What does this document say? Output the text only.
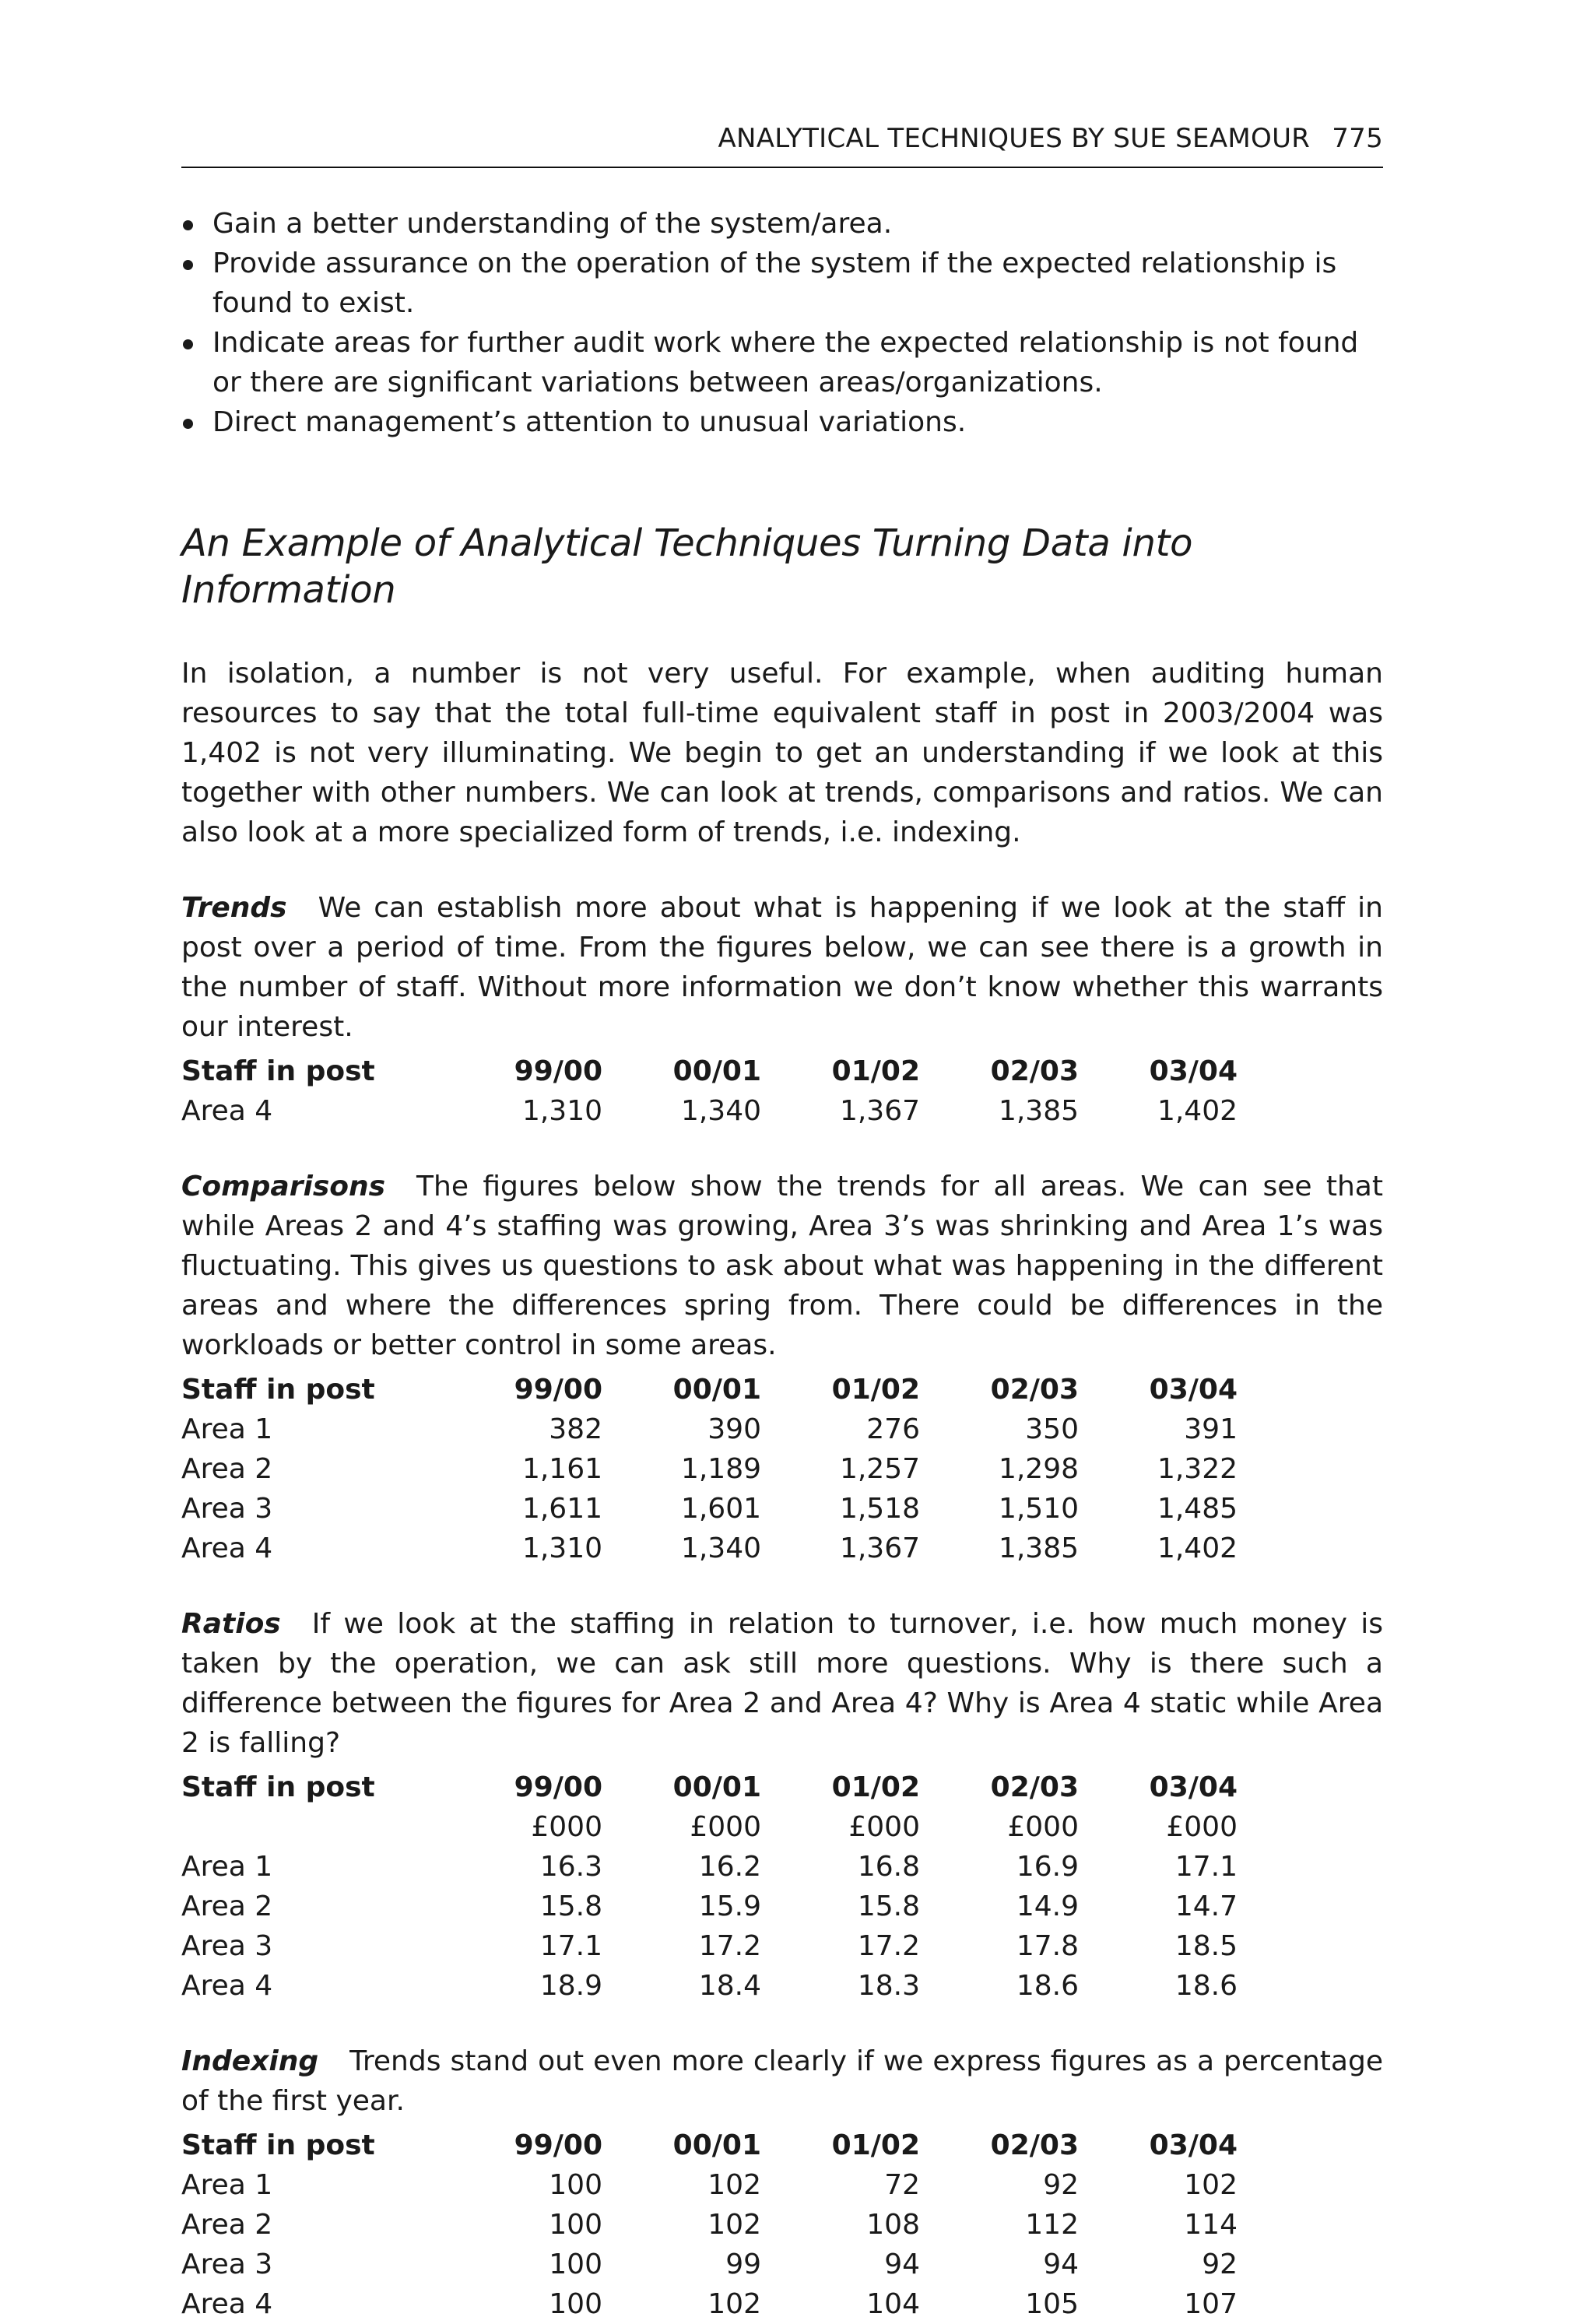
ANALYTICAL TECHNIQUES BY SUE SEAMOUR 775
Gain a better understanding of the system/area.
Provide assurance on the operation of the system if the expected relationship is found to exist.
Indicate areas for further audit work where the expected relationship is not found or there are significant variations between areas/organizations.
Direct management’s attention to unusual variations.
An Example of Analytical Techniques Turning Data into Information

In isolation, a number is not very useful. For example, when auditing human resources to say that the total full-time equivalent staff in post in 2003/2004 was 1,402 is not very illuminating. We begin to get an understanding if we look at this together with other numbers. We can look at trends, comparisons and ratios. We can also look at a more specialized form of trends, i.e. indexing.

Trends We can establish more about what is happening if we look at the staff in post over a period of time. From the figures below, we can see there is a growth in the number of staff. Without more information we don’t know whether this warrants our interest.

Staff in post	99/00	00/01	01/02	02/03	03/04
Area 4	1,310	1,340	1,367	1,385	1,402

Comparisons The figures below show the trends for all areas. We can see that while Areas 2 and 4’s staffing was growing, Area 3’s was shrinking and Area 1’s was fluctuating. This gives us questions to ask about what was happening in the different areas and where the differences spring from. There could be differences in the workloads or better control in some areas.

Staff in post	99/00	00/01	01/02	02/03	03/04
Area 1	382	390	276	350	391
Area 2	1,161	1,189	1,257	1,298	1,322
Area 3	1,611	1,601	1,518	1,510	1,485
Area 4	1,310	1,340	1,367	1,385	1,402

Ratios If we look at the staffing in relation to turnover, i.e. how much money is taken by the operation, we can ask still more questions. Why is there such a difference between the figures for Area 2 and Area 4? Why is Area 4 static while Area 2 is falling?

Staff in post	99/00	00/01	01/02	02/03	03/04
	£000	£000	£000	£000	£000
Area 1	16.3	16.2	16.8	16.9	17.1
Area 2	15.8	15.9	15.8	14.9	14.7
Area 3	17.1	17.2	17.2	17.8	18.5
Area 4	18.9	18.4	18.3	18.6	18.6

Indexing Trends stand out even more clearly if we express figures as a percentage of the first year.

Staff in post	99/00	00/01	01/02	02/03	03/04
Area 1	100	102	72	92	102
Area 2	100	102	108	112	114
Area 3	100	99	94	94	92
Area 4	100	102	104	105	107
